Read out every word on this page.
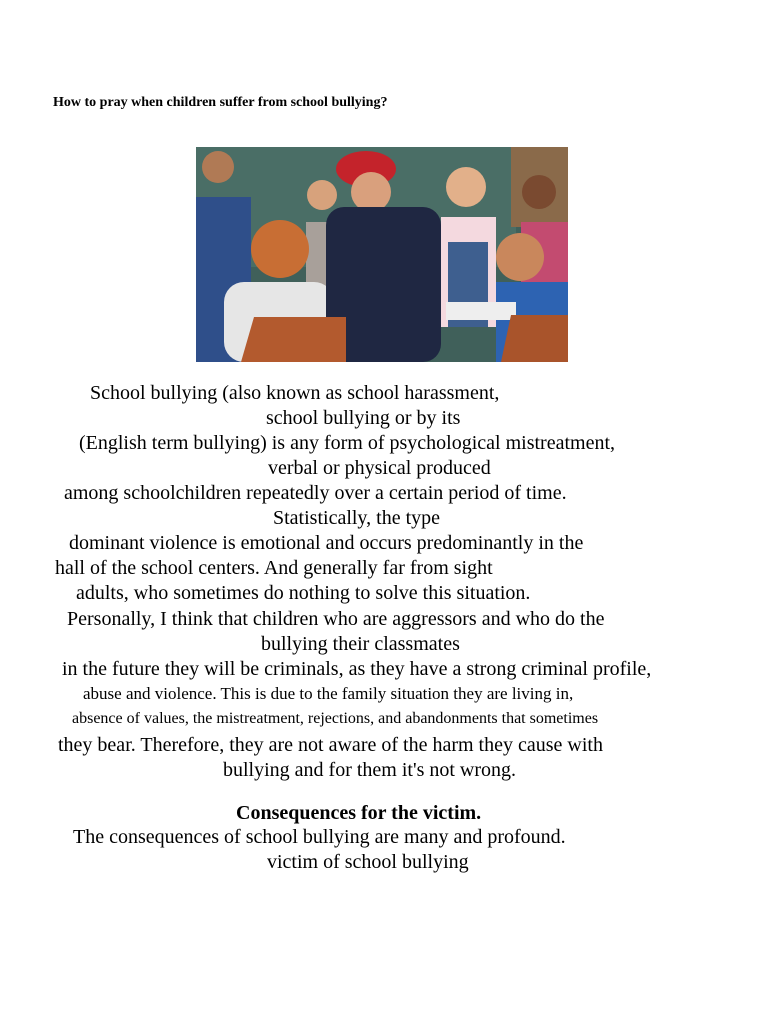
How to pray when children suffer from school bullying?
School bullying (also known as school harassment,
school bullying or by its
(English term bullying) is any form of psychological mistreatment,
verbal or physical produced
among schoolchildren repeatedly over a certain period of time.
Statistically, the type
dominant violence is emotional and occurs predominantly in the
hall of the school centers. And generally far from sight
adults, who sometimes do nothing to solve this situation.
Personally, I think that children who are aggressors and who do the
bullying their classmates
in the future they will be criminals, as they have a strong criminal profile,
abuse and violence. This is due to the family situation they are living in,
absence of values, the mistreatment, rejections, and abandonments that sometimes
they bear. Therefore, they are not aware of the harm they cause with
bullying and for them it's not wrong.
Consequences for the victim.
The consequences of school bullying are many and profound.
victim of school bullying
